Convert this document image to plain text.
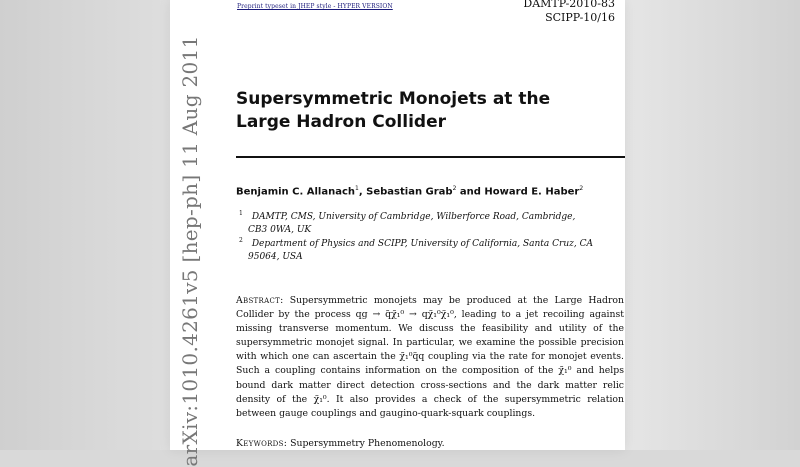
Preprint typeset in JHEP style - HYPER VERSION	DAMTP-2010-83
SCIPP-10/16
arXiv:1010.4261v5 [hep-ph] 11 Aug 2011 Supersymmetric Monojets at the Large Hadron Collider
Benjamin C. Allanach$^1$, Sebastian Grab$^2$ and Howard E. Haber$^2$
$^1$ DAMTP, CMS, University of Cambridge, Wilberforce Road, Cambridge, CB3 0WA, UK
$^2$ Department of Physics and SCIPP, University of California, Santa Cruz, CA 95064, USA
Abstract: Supersymmetric monojets may be produced at the Large Hadron Collider by the process qg → q̃χ̃₁⁰ → qχ̃₁⁰χ̃₁⁰, leading to a jet recoiling against missing transverse momentum. We discuss the feasibility and utility of the supersymmetric monojet signal. In particular, we examine the possible precision with which one can ascertain the χ̃₁⁰q̃q coupling via the rate for monojet events. Such a coupling contains information on the composition of the χ̃₁⁰ and helps bound dark matter direct detection cross-sections and the dark matter relic density of the χ̃₁⁰. It also provides a check of the supersymmetric relation between gauge couplings and gaugino-quark-squark couplings.
Keywords: Supersymmetry Phenomenology.
